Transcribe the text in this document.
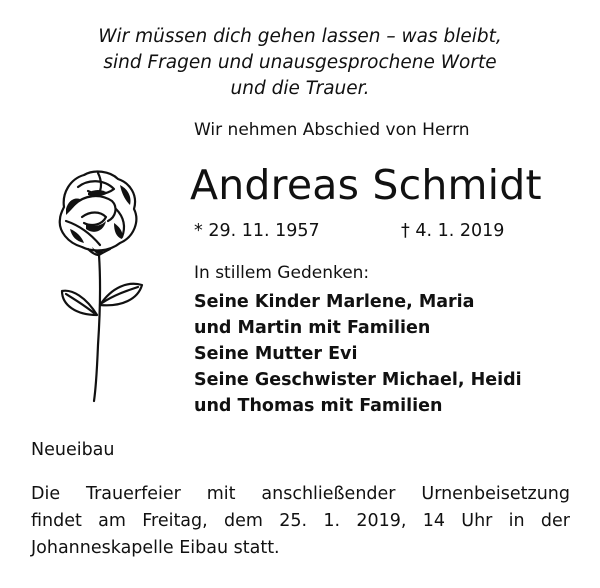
Wir müssen dich gehen lassen – was bleibt,
sind Fragen und unausgesprochene Worte
und die Trauer.
Wir nehmen Abschied von Herrn
Andreas Schmidt
* 29. 11. 1957	† 4. 1. 2019
In stillem Gedenken:
Seine Kinder Marlene, Maria
und Martin mit Familien
Seine Mutter Evi
Seine Geschwister Michael, Heidi
und Thomas mit Familien
Neueibau
Die Trauerfeier mit anschließender Urnenbeisetzung
findet am Freitag, dem 25. 1. 2019, 14 Uhr in der
Johanneskapelle Eibau statt.
